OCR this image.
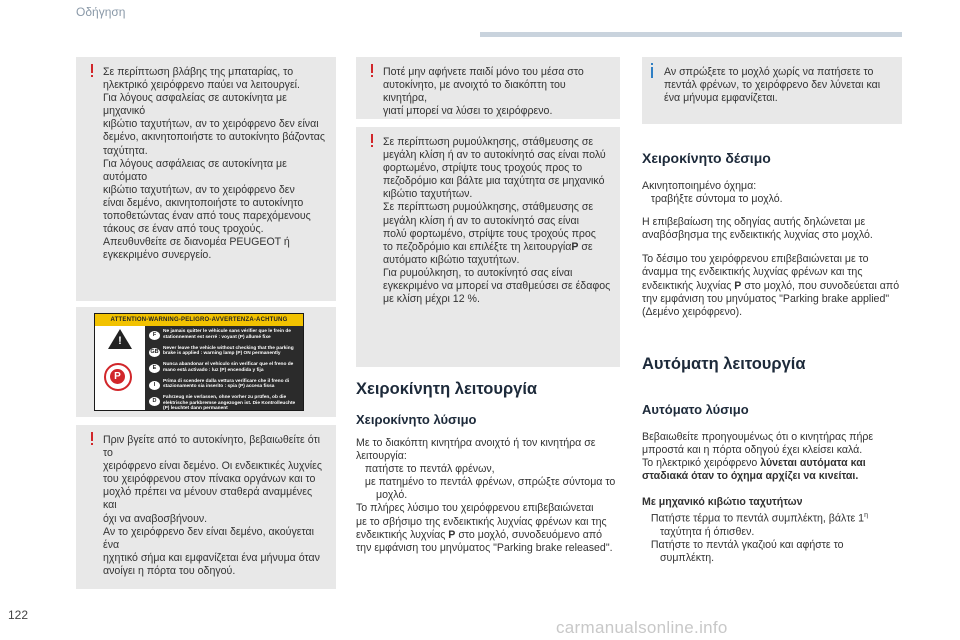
Οδήγηση

Σε περίπτωση βλάβης της μπαταρίας, το

ηλεκτρικό χειρόφρενο παύει να λειτουργεί.

Για λόγους ασφαλείας σε αυτοκίνητα με μηχανικό

κιβώτιο ταχυτήτων, αν το χειρόφρενο δεν είναι

δεμένο, ακινητοποιήστε το αυτοκίνητο βάζοντας

ταχύτητα.

Για λόγους ασφάλειας σε αυτοκίνητα με αυτόματο

κιβώτιο ταχυτήτων, αν το χειρόφρενο δεν

είναι δεμένο, ακινητοποιήστε το αυτοκίνητο

τοποθετώντας έναν από τους παρεχόμενους

τάκους σε έναν από τους τροχούς.

Απευθυνθείτε σε διανομέα PEUGEOT ή

εγκεκριμένο συνεργείο.

ATTENTION-WARNING-PELIGRO-AVVERTENZA-ACHTUNG
!
P
F
Ne jamais quitter le véhicule sans vérifier que le frein de stationnement est serré : voyant (P) allumé fixe
GB
Never leave the vehicle without checking that the parking brake is applied : warning lamp (P) ON permanently
E
Nunca abandonar el vehículo sin verificar que el freno de mano está activado : luz (P) encendida y fija
I
Prima di scendere dalla vettura verificare che il freno di stazionamento sia inserito : spia (P) accesa fissa
D
Fahrzeug nie verlassen, ohne vorher zu prüfen, ob die elektrische parkbremse angezogen ist. Die Kontrolleuchte (P) leuchtet dann permanent

Πριν βγείτε από το αυτοκίνητο, βεβαιωθείτε ότι το

χειρόφρενο είναι δεμένο. Οι ενδεικτικές λυχνίες

του χειρόφρενου στον πίνακα οργάνων και το

μοχλό πρέπει να μένουν σταθερά αναμμένες και

όχι να αναβοσβήνουν.

Αν το χειρόφρενο δεν είναι δεμένο, ακούγεται ένα

ηχητικό σήμα και εμφανίζεται ένα μήνυμα όταν

ανοίγει η πόρτα του οδηγού.

Ποτέ μην αφήνετε παιδί μόνο του μέσα στο

αυτοκίνητο, με ανοιχτό το διακόπτη του κινητήρα,

γιατί μπορεί να λύσει το χειρόφρενο.

Σε περίπτωση ρυμούλκησης, στάθμευσης σε

μεγάλη κλίση ή αν το αυτοκίνητό σας είναι πολύ

φορτωμένο, στρίψτε τους τροχούς προς το

πεζοδρόμιο και βάλτε μια ταχύτητα σε μηχανικό

κιβώτιο ταχυτήτων.

Σε περίπτωση ρυμούλκησης, στάθμευσης σε

μεγάλη κλίση ή αν το αυτοκίνητό σας είναι

πολύ φορτωμένο, στρίψτε τους τροχούς προς

το πεζοδρόμιο και επιλέξτε τη λειτουργίαP σε

αυτόματο κιβώτιο ταχυτήτων.

Για ρυμούλκηση, το αυτοκίνητό σας είναι

εγκεκριμένο να μπορεί να σταθμεύσει σε έδαφος

με κλίση μέχρι 12 %.

Χειροκίνητη λειτουργία
Χειροκίνητο λύσιμο

Με το διακόπτη κινητήρα ανοιχτό ή τον κινητήρα σε

λειτουργία:

πατήστε το πεντάλ φρένων,

με πατημένο το πεντάλ φρένων, σπρώξτε σύντομα το μοχλό.

Το πλήρες λύσιμο του χειρόφρενου επιβεβαιώνεται

με το σβήσιμο της ενδεικτικής λυχνίας φρένων και της

ενδεικτικής λυχνίας P στο μοχλό, συνοδευόμενο από

την εμφάνιση του μηνύματος "Parking brake released".

Αν σπρώξετε το μοχλό χωρίς να πατήσετε το

πεντάλ φρένων, το χειρόφρενο δεν λύνεται και

ένα μήνυμα εμφανίζεται.

Χειροκίνητο δέσιμο

Ακινητοποιημένο όχημα:

τραβήξτε σύντομα το μοχλό.

Η επιβεβαίωση της οδηγίας αυτής δηλώνεται με

αναβόσβησμα της ενδεικτικής λυχνίας στο μοχλό.

Το δέσιμο του χειρόφρενου επιβεβαιώνεται με το

άναμμα της ενδεικτικής λυχνίας φρένων και της

ενδεικτικής λυχνίας P στο μοχλό, που συνοδεύεται από

την εμφάνιση του μηνύματος "Parking brake applied"

(Δεμένο χειρόφρενο).

Αυτόματη λειτουργία
Αυτόματο λύσιμο

Βεβαιωθείτε προηγουμένως ότι ο κινητήρας πήρε

μπροστά και η πόρτα οδηγού έχει κλείσει καλά.

Το ηλεκτρικό χειρόφρενο λύνεται αυτόματα και

σταδιακά όταν το όχημα αρχίζει να κινείται.

Με μηχανικό κιβώτιο ταχυτήτων

Πατήστε τέρμα το πεντάλ συμπλέκτη, βάλτε $1^\eta$

ταχύτητα ή όπισθεν.

Πατήστε το πεντάλ γκαζιού και αφήστε το

συμπλέκτη.

122
carmanualsonline.info
